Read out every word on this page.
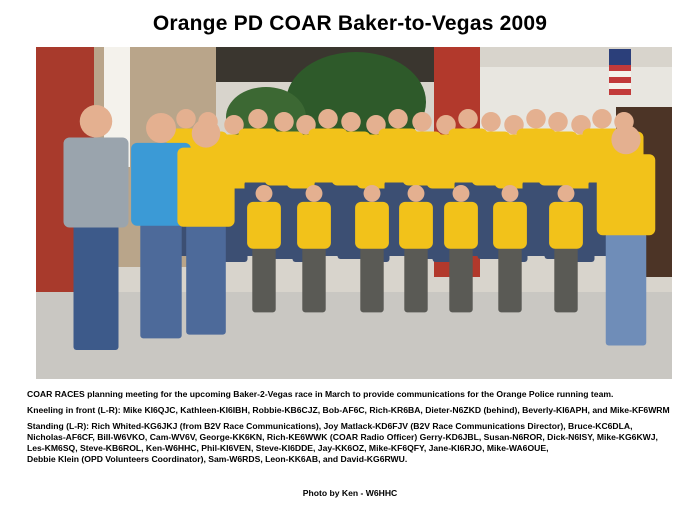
Orange PD COAR Baker-to-Vegas 2009
COAR RACES planning meeting for the upcoming Baker-2-Vegas race in March to provide communications for the Orange Police running team.
Kneeling in front (L-R): Mike KI6QJC, Kathleen-KI6IBH, Robbie-KB6CJZ, Bob-AF6C, Rich-KR6BA, Dieter-N6ZKD (behind), Beverly-KI6APH, and Mike-KF6WRM
Standing (L-R): Rich Whited-KG6JKJ (from B2V Race Communications), Joy Matlack-KD6FJV (B2V Race Communications Director), Bruce-KC6DLA,
Nicholas-AF6CF, Bill-W6VKO, Cam-WV6V, George-KK6KN, Rich-KE6WWK (COAR Radio Officer) Gerry-KD6JBL, Susan-N6ROR, Dick-N6ISY, Mike-KG6KWJ,
Les-KM6SQ, Steve-KB6ROL, Ken-W6HHC, Phil-KI6VEN, Steve-KI6DDE, Jay-KK6OZ, Mike-KF6QFY, Jane-KI6RJO, Mike-WA6OUE,
Debbie Klein (OPD Volunteers Coordinator), Sam-W6RDS, Leon-KK6AB, and David-KG6RWU.
Photo by Ken - W6HHC
